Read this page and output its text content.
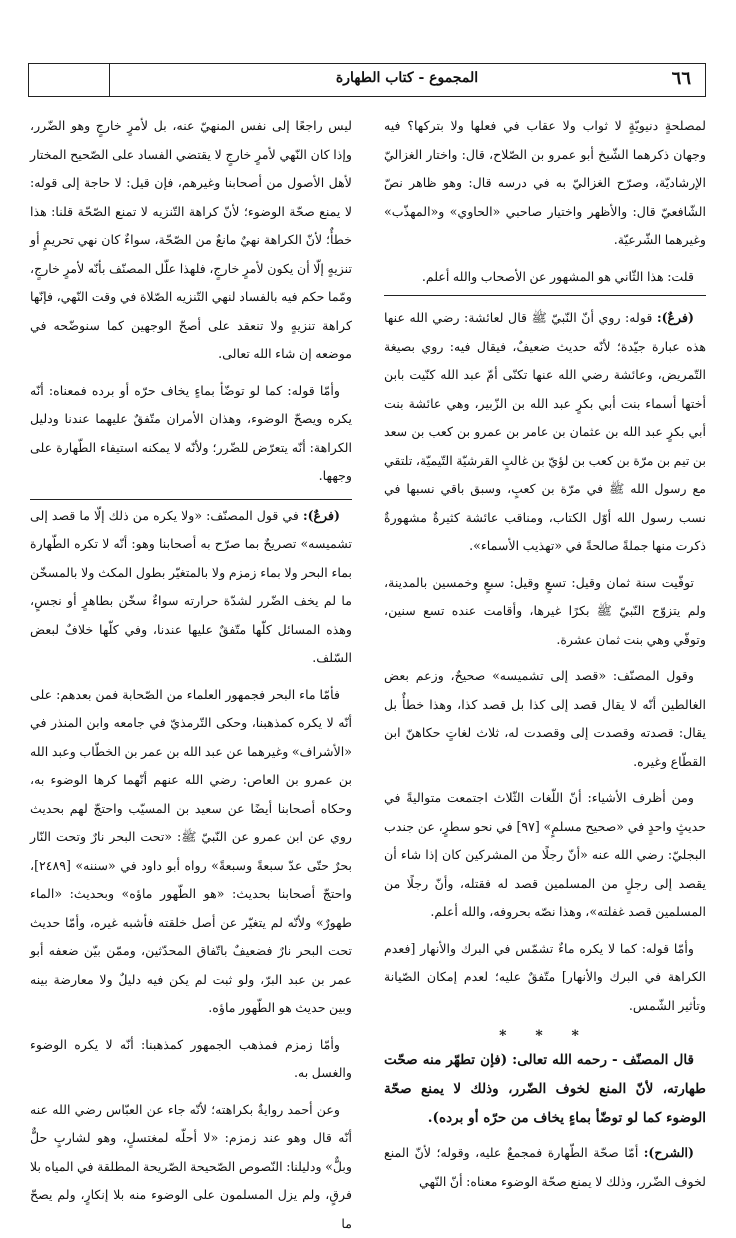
٦٦
المجموع - كتاب الطهارة

لمصلحةٍ دنيويّةٍ لا ثواب ولا عقاب في فعلها ولا بتركها؟ فيه وجهان ذكرهما الشّيخ أبو عمرو بن الصّلاح، قال: واختار الغزاليّ الإرشاديّة، وصرّح الغزاليّ به في درسه قال: وهو ظاهر نصّ الشّافعيّ قال: والأظهر واختيار صاحبي «الحاوي» و«المهذّب» وغيرهما الشّرعيّة.

قلت: هذا الثّاني هو المشهور عن الأصحاب والله أعلم.

(فرعٌ): قوله: روي أنّ النّبيّ ﷺ قال لعائشة: رضي الله عنها هذه عبارة جيّدة؛ لأنّه حديث ضعيفٌ، فيقال فيه: روي بصيغة التّمريض، وعائشة رضي الله عنها تكنّى أمّ عبد الله كنّيت بابن أختها أسماء بنت أبي بكرٍ عبد الله بن الزّبير، وهي عائشة بنت أبي بكرٍ عبد الله بن عثمان بن عامر بن عمرو بن كعب بن سعد بن تيم بن مرّة بن كعب بن لؤيّ بن غالبٍ القرشيّة التّيميّة، تلتقي مع رسول الله ﷺ في مرّة بن كعبٍ، وسبق باقي نسبها في نسب رسول الله أوّل الكتاب، ومناقب عائشة كثيرةٌ مشهورةٌ ذكرت منها جملةً صالحةً في «تهذيب الأسماء».

توفّيت سنة ثمان وقيل: تسعٍ وقيل: سبعٍ وخمسين بالمدينة، ولم يتزوّج النّبيّ ﷺ بكرًا غيرها، وأقامت عنده تسع سنين، وتوفّي وهي بنت ثمان عشرة.

وقول المصنّف: «قصد إلى تشميسه» صحيحٌ، وزعم بعض الغالطين أنّه لا يقال قصد إلى كذا بل قصد كذا، وهذا خطأٌ بل يقال: قصدته وقصدت إلى وقصدت له، ثلاث لغاتٍ حكاهنّ ابن القطّاع وغيره.

ومن أظرف الأشياء: أنّ اللّغات الثّلاث اجتمعت متواليةً في حديثٍ واحدٍ في «صحيح مسلمٍ» [٩٧] في نحو سطرٍ، عن جندب البجليّ: رضي الله عنه «أنّ رجلًا من المشركين كان إذا شاء أن يقصد إلى رجلٍ من المسلمين قصد له فقتله، وأنّ رجلًا من المسلمين قصد غفلته»، وهذا نصّه بحروفه، والله أعلم.

وأمّا قوله: كما لا يكره ماءٌ تشمّس في البرك والأنهار [فعدم الكراهة في البرك والأنهار] متّفقٌ عليه؛ لعدم إمكان الصّيانة وتأثير الشّمس.

* * *

قال المصنّف - رحمه الله تعالى: (فإن تطهّر منه صحّت طهارته، لأنّ المنع لخوف الضّرر، وذلك لا يمنع صحّة الوضوء كما لو توضّأ بماءٍ يخاف من حرّه أو برده).

(الشرح): أمّا صحّة الطّهارة فمجمعٌ عليه، وقوله؛ لأنّ المنع لخوف الضّرر، وذلك لا يمنع صحّة الوضوء معناه: أنّ النّهي

ليس راجعًا إلى نفس المنهيّ عنه، بل لأمرٍ خارجٍ وهو الضّرر، وإذا كان النّهي لأمرٍ خارجٍ لا يقتضي الفساد على الصّحيح المختار لأهل الأصول من أصحابنا وغيرهم، فإن قيل: لا حاجة إلى قوله: لا يمنع صحّة الوضوء؛ لأنّ كراهة التّنزيه لا تمنع الصّحّة قلنا: هذا خطأٌ؛ لأنّ الكراهة نهيٌ مانعٌ من الصّحّة، سواءٌ كان نهي تحريمٍ أو تنزيهٍ إلّا أن يكون لأمرٍ خارجٍ، فلهذا علّل المصنّف بأنّه لأمرٍ خارجٍ، ومّما حكم فيه بالفساد لنهي التّنزيه الصّلاة في وقت النّهي، فإنّها كراهة تنزيهٍ ولا تنعقد على أصحّ الوجهين كما سنوضّحه في موضعه إن شاء الله تعالى.

وأمّا قوله: كما لو توضّأ بماءٍ يخاف حرّه أو برده فمعناه: أنّه يكره ويصحّ الوضوء، وهذان الأمران متّفقٌ عليهما عندنا ودليل الكراهة: أنّه يتعرّض للضّرر؛ ولأنّه لا يمكنه استيفاء الطّهارة على وجهها.

(فرعٌ): في قول المصنّف: «ولا يكره من ذلك إلّا ما قصد إلى تشميسه» تصريحٌ بما صرّح به أصحابنا وهو: أنّه لا تكره الطّهارة بماء البحر ولا بماء زمزم ولا بالمتغيّر بطول المكث ولا بالمسخّن ما لم يخف الضّرر لشدّة حرارته سواءٌ سخّن بطاهرٍ أو نجسٍ، وهذه المسائل كلّها متّفقٌ عليها عندنا، وفي كلّها خلافٌ لبعض السّلف.

فأمّا ماء البحر فجمهور العلماء من الصّحابة فمن بعدهم: على أنّه لا يكره كمذهبنا، وحكى التّرمذيّ في جامعه وابن المنذر في «الأشراف» وغيرهما عن عبد الله بن عمر بن الخطّاب وعبد الله بن عمرو بن العاص: رضي الله عنهم أنّهما كرها الوضوء به، وحكاه أصحابنا أيضًا عن سعيد بن المسيّب واحتجّ لهم بحديث روي عن ابن عمرو عن النّبيّ ﷺ: «تحت البحر نارٌ وتحت النّار بحرٌ حتّى عدّ سبعةً وسبعةً» رواه أبو داود في «سننه» [٢٤٨٩]، واحتجّ أصحابنا بحديث: «هو الطّهور ماؤه» وبحديث: «الماء طهورٌ» ولأنّه لم يتغيّر عن أصل خلقته فأشبه غيره، وأمّا حديث تحت البحر نارٌ فضعيفٌ باتّفاق المحدّثين، وممّن بيّن ضعفه أبو عمر بن عبد البرّ، ولو ثبت لم يكن فيه دليلٌ ولا معارضة بينه وبين حديث هو الطّهور ماؤه.

وأمّا زمزم فمذهب الجمهور كمذهبنا: أنّه لا يكره الوضوء والغسل به.

وعن أحمد روايةٌ بكراهته؛ لأنّه جاء عن العبّاس رضي الله عنه أنّه قال وهو عند زمزم: «لا أحلّه لمغتسلٍ، وهو لشاربٍ حلٌّ وبلٌّ» ودليلنا: النّصوص الصّحيحة الصّريحة المطلقة في المياه بلا فرقٍ، ولم يزل المسلمون على الوضوء منه بلا إنكارٍ، ولم يصحّ ما
